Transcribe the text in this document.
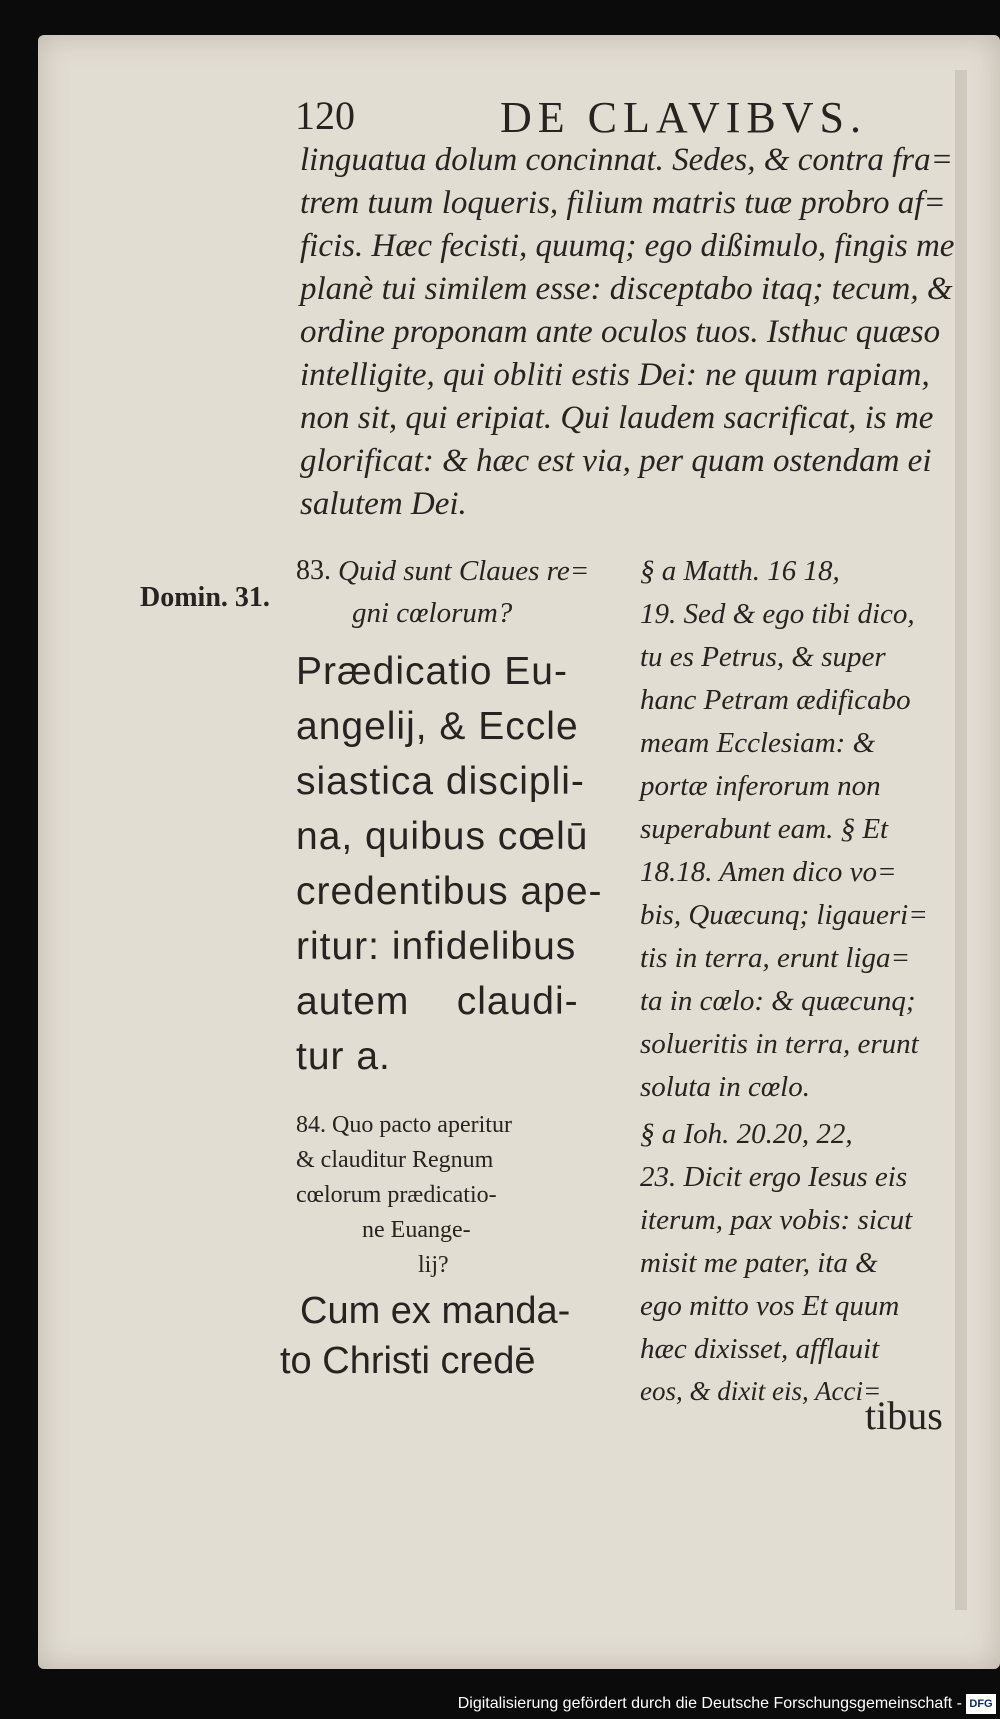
120	DE CLAVIBVS.
linguatua dolum concinnat. Sedes, & contra fra=
trem tuum loqueris, filium matris tuæ probro af=
ficis. Hæc fecisti, quumq; ego dißimulo, fingis me
planè tui similem esse: disceptabo itaq; tecum, &
ordine proponam ante oculos tuos. Isthuc quæso
intelligite, qui obliti estis Dei: ne quum rapiam,
non sit, qui eripiat. Qui laudem sacrificat, is me
glorificat: & hæc est via, per quam ostendam ei
salutem Dei.
Domin. 31.
83. Quid sunt Claues re=
gni cœlorum?
Prædicatio Eu-
angelij, & Eccle
siastica discipli-
na, quibus cœlū
credentibus ape-
ritur: infidelibus
autem    claudi-
tur a.
§ a Matth. 16 18,
19. Sed & ego tibi dico,
tu es Petrus, & super
hanc Petram ædificabo
meam Ecclesiam: &
portæ inferorum non
superabunt eam. § Et
18.18. Amen dico vo=
bis, Quæcunq; ligaueri=
tis in terra, erunt liga=
ta in cœlo: & quæcunq;
solueritis in terra, erunt
soluta in cœlo.
84. Quo pacto aperitur
& clauditur Regnum
cœlorum prædicatio-
ne Euange-
lij?
Cum ex manda-
to Christi credē
§ a Ioh. 20.20, 22,
23. Dicit ergo Iesus eis
iterum, pax vobis: sicut
misit me pater, ita &
ego mitto vos Et quum
hæc dixisset, afflauit
eos, & dixit eis, Acci=
tibus
Digitalisierung gefördert durch die Deutsche Forschungsgemeinschaft - DFG
